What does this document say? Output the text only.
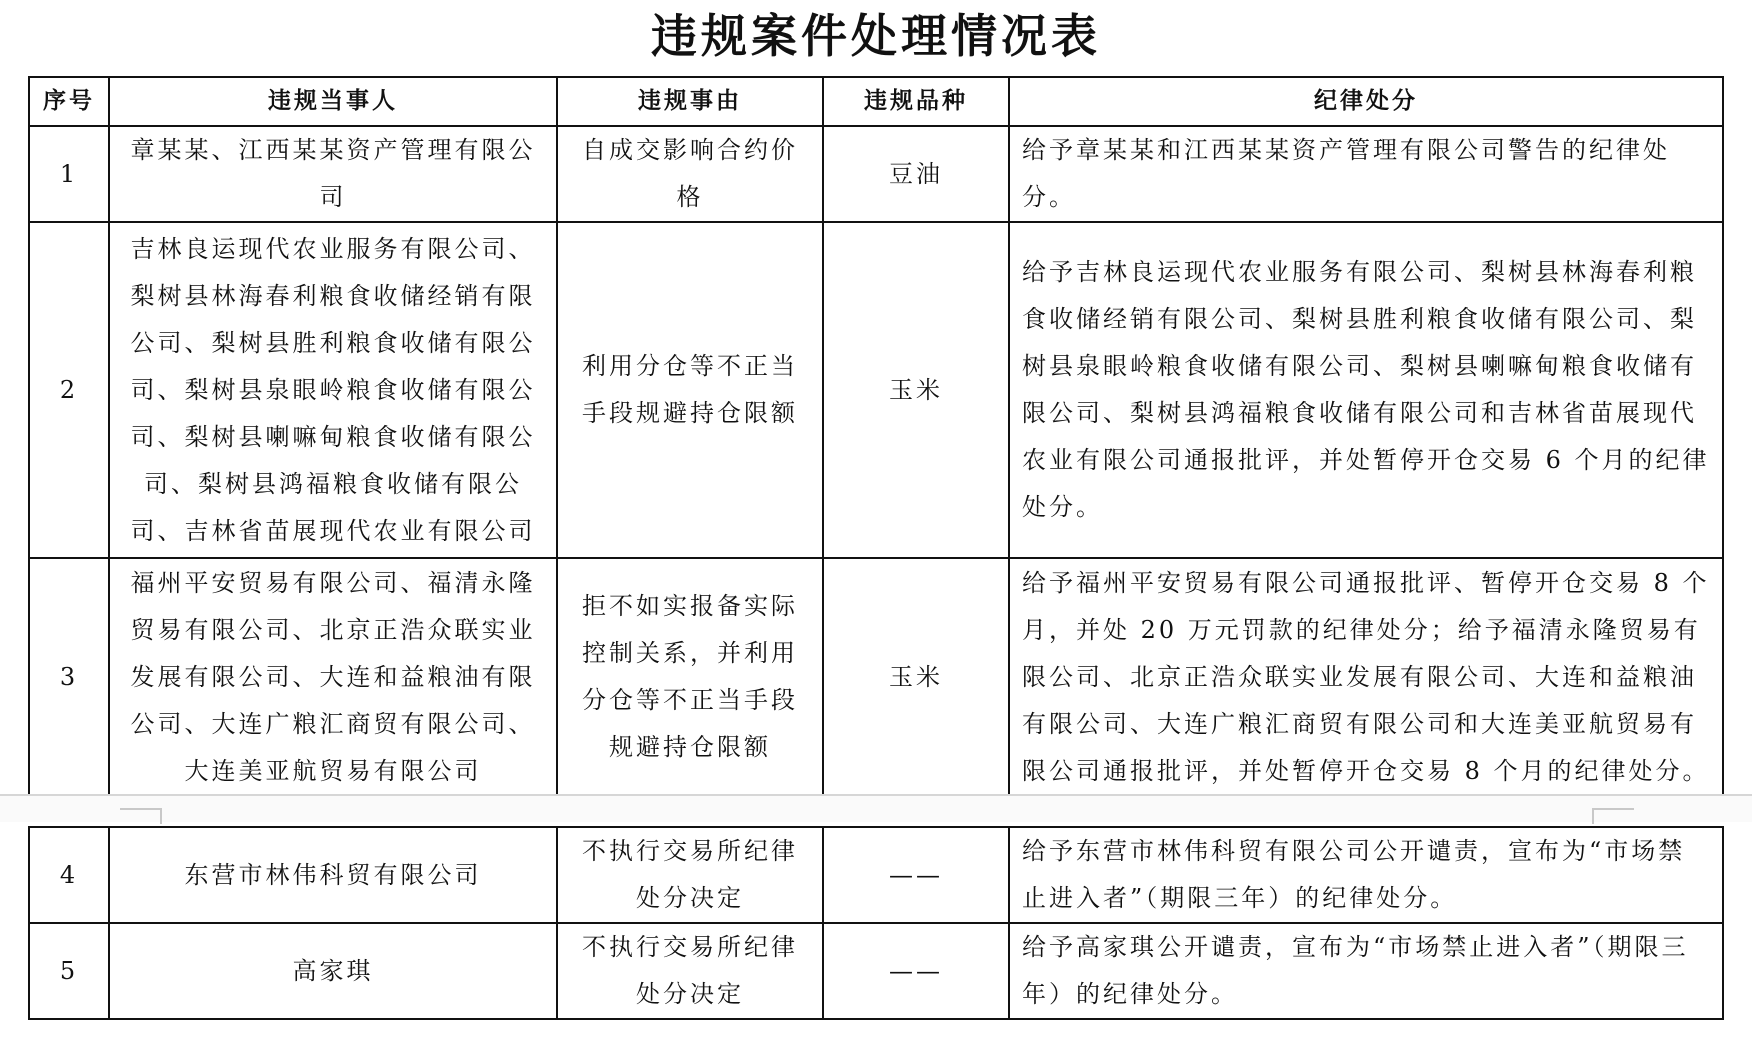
违规案件处理情况表
序号	违规当事人	违规事由	违规品种	纪律处分
1	章某某、江西某某资产管理有限公司	自成交影响合约价格	豆油	给予章某某和江西某某资产管理有限公司警告的纪律处分。
2	吉林良运现代农业服务有限公司、梨树县林海春利粮食收储经销有限公司、梨树县胜利粮食收储有限公司、梨树县泉眼岭粮食收储有限公司、梨树县喇嘛甸粮食收储有限公司、梨树县鸿福粮食收储有限公司、吉林省苗展现代农业有限公司	利用分仓等不正当手段规避持仓限额	玉米	给予吉林良运现代农业服务有限公司、梨树县林海春利粮食收储经销有限公司、梨树县胜利粮食收储有限公司、梨树县泉眼岭粮食收储有限公司、梨树县喇嘛甸粮食收储有限公司、梨树县鸿福粮食收储有限公司和吉林省苗展现代农业有限公司通报批评，并处暂停开仓交易 6 个月的纪律处分。
3	福州平安贸易有限公司、福清永隆贸易有限公司、北京正浩众联实业发展有限公司、大连和益粮油有限公司、大连广粮汇商贸有限公司、大连美亚航贸易有限公司	拒不如实报备实际控制关系，并利用分仓等不正当手段规避持仓限额	玉米	给予福州平安贸易有限公司通报批评、暂停开仓交易 8 个月，并处 20 万元罚款的纪律处分；给予福清永隆贸易有限公司、北京正浩众联实业发展有限公司、大连和益粮油有限公司、大连广粮汇商贸有限公司和大连美亚航贸易有限公司通报批评，并处暂停开仓交易 8 个月的纪律处分。
4	东营市林伟科贸有限公司	不执行交易所纪律处分决定	——	给予东营市林伟科贸有限公司公开谴责，宣布为“市场禁止进入者”（期限三年）的纪律处分。
5	高家琪	不执行交易所纪律处分决定	——	给予高家琪公开谴责，宣布为“市场禁止进入者”（期限三年）的纪律处分。
